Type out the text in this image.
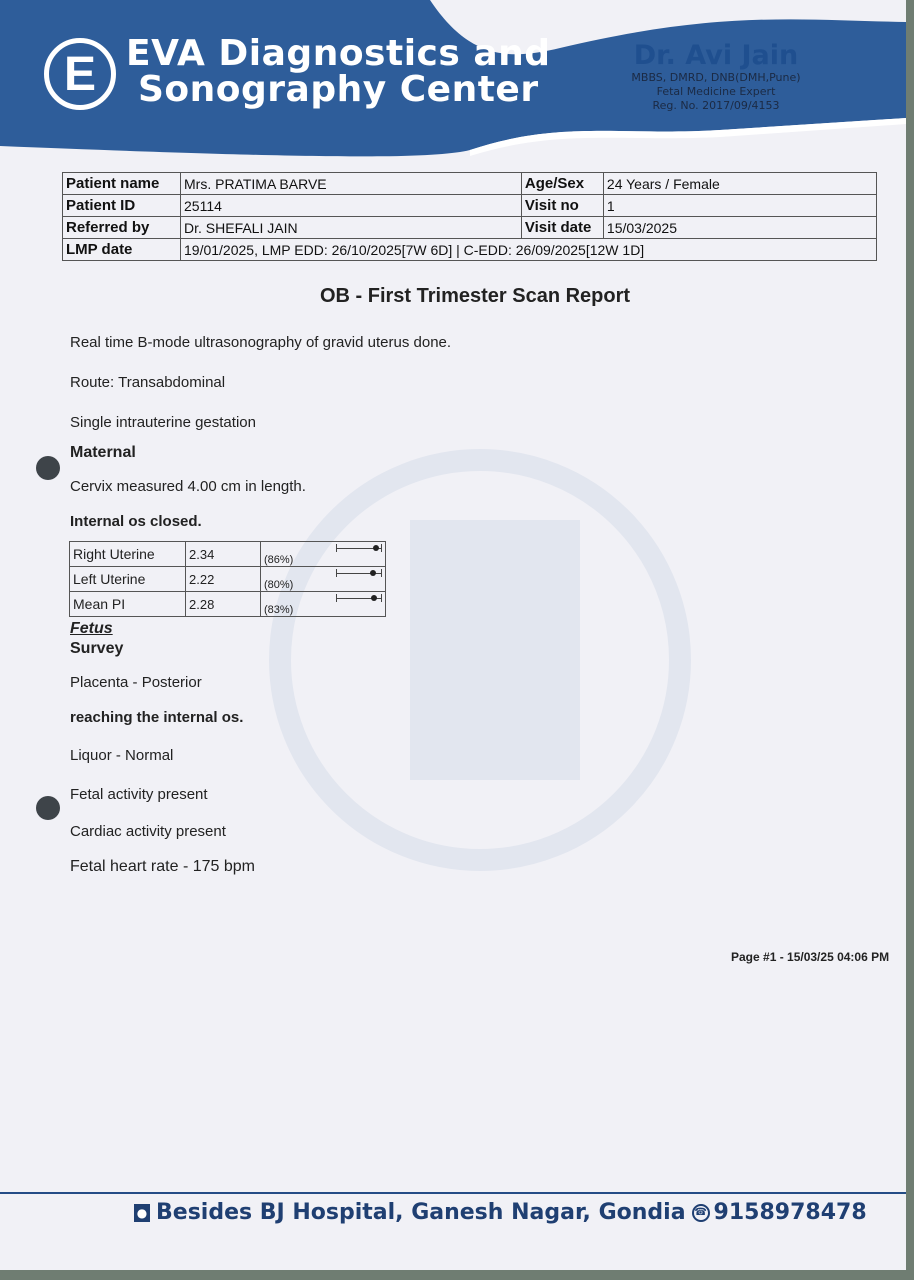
E EVA Diagnostics and
Sonography Center
Dr. Avi Jain
MBBS, DMRD, DNB(DMH,Pune)
Fetal Medicine Expert
Reg. No. 2017/09/4153
Patient name	Mrs. PRATIMA BARVE	Age/Sex	24 Years / Female
Patient ID	25114	Visit no	1
Referred by	Dr. SHEFALI JAIN	Visit date	15/03/2025
LMP date	19/01/2025, LMP EDD: 26/10/2025[7W 6D] | C-EDD: 26/09/2025[12W 1D]		
OB - First Trimester Scan Report
Real time B-mode ultrasonography of gravid uterus done.
Route: Transabdominal
Single intrauterine gestation
Maternal
Cervix measured 4.00 cm in length.
Internal os closed.
Right Uterine	2.34	(86%)
Left Uterine	2.22	(80%)
Mean PI	2.28	(83%)
Fetus
Survey
Placenta - Posterior
reaching the internal os.
Liquor - Normal
Fetal activity present
Cardiac activity present
Fetal heart rate - 175 bpm
Page #1 - 15/03/25 04:06 PM
● Besides BJ Hospital, Ganesh Nagar, Gondia ☎ 9158978478
